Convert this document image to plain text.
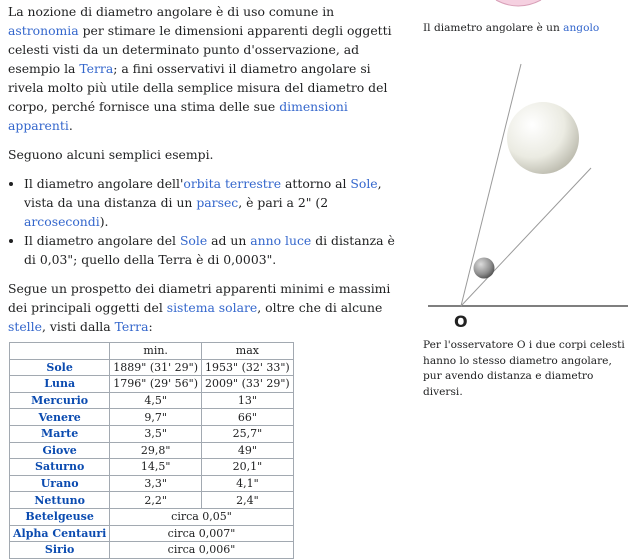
La nozione di diametro angolare è di uso comune in astronomia per stimare le dimensioni apparenti degli oggetti celesti visti da un determinato punto d'osservazione, ad esempio la Terra; a fini osservativi il diametro angolare si rivela molto più utile della semplice misura del diametro del corpo, perché fornisce una stima delle sue dimensioni apparenti.

Seguono alcuni semplici esempi.

• Il diametro angolare dell'orbita terrestre attorno al Sole, vista da una distanza di un parsec, è pari a 2" (2 arcosecondi).
• Il diametro angolare del Sole ad un anno luce di distanza è di 0,03"; quello della Terra è di 0,0003".

Segue un prospetto dei diametri apparenti minimi e massimi dei principali oggetti del sistema solare, oltre che di alcune stelle, visti dalla Terra:

	min.	max
Sole	1889" (31' 29")	1953" (32' 33")
Luna	1796" (29' 56")	2009" (33' 29")
Mercurio	4,5"	13"
Venere	9,7"	66"
Marte	3,5"	25,7"
Giove	29,8"	49"
Saturno	14,5"	20,1"
Urano	3,3"	4,1"
Nettuno	2,2"	2,4"
Betelgeuse	circa 0,05"	
Alpha Centauri	circa 0,007"	
Sirio	circa 0,006"	
Il diametro angolare è un angolo
O
Per l'osservatore O i due corpi celesti hanno lo stesso diametro angolare, pur avendo distanza e diametro diversi.
